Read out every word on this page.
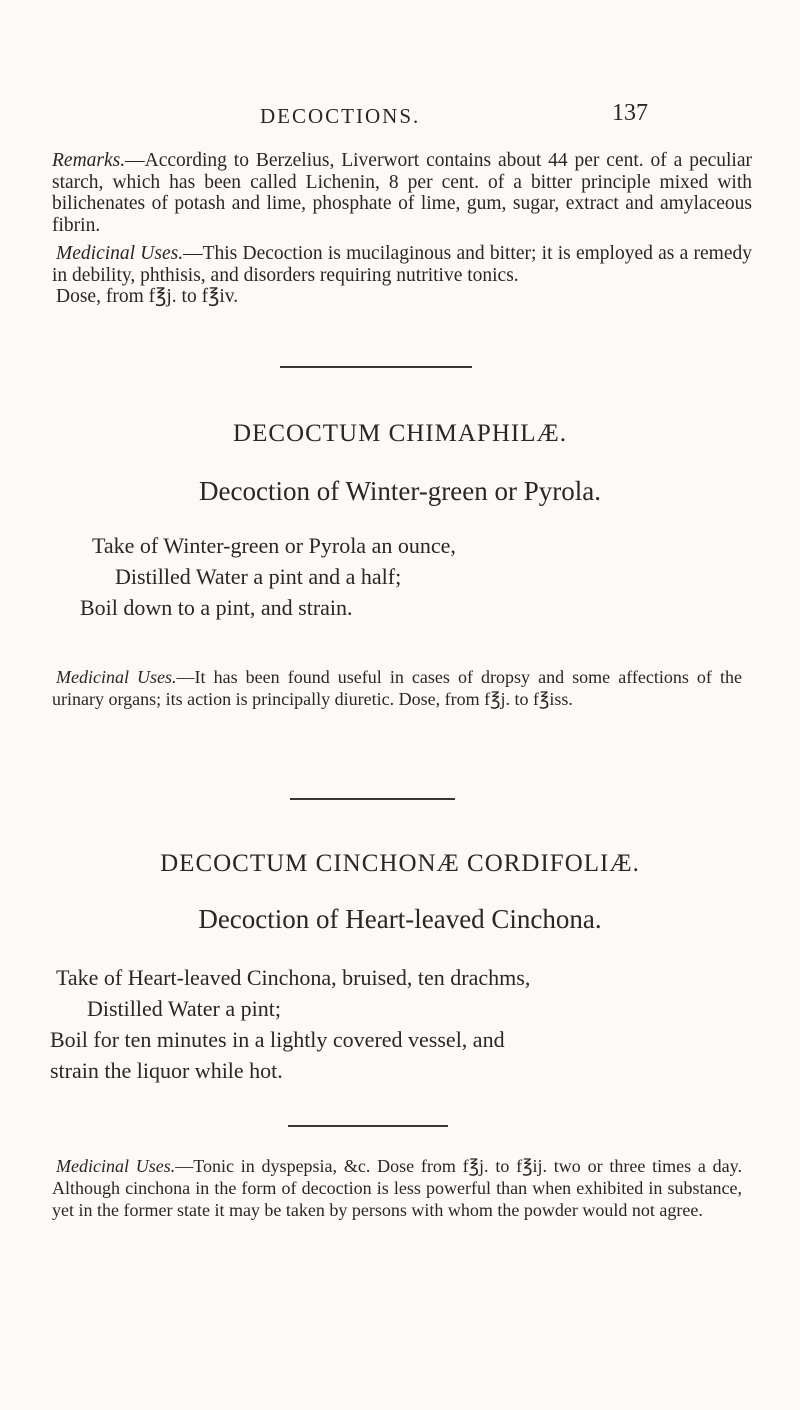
DECOCTIONS.	137

Remarks.—According to Berzelius, Liverwort contains about 44 per cent. of a peculiar starch, which has been called Lichenin, 8 per cent. of a bitter principle mixed with bilichenates of potash and lime, phosphate of lime, gum, sugar, extract and amylaceous fibrin.

Medicinal Uses.—This Decoction is mucilaginous and bitter; it is employed as a remedy in debility, phthisis, and disorders requiring nutritive tonics.

Dose, from f℥j. to f℥iv.

DECOCTUM CHIMAPHILÆ.
Decoction of Winter-green or Pyrola.
Take of Winter-green or Pyrola an ounce,
Distilled Water a pint and a half;
Boil down to a pint, and strain.

Medicinal Uses.—It has been found useful in cases of dropsy and some affections of the urinary organs; its action is principally diuretic. Dose, from f℥j. to f℥iss.

DECOCTUM CINCHONÆ CORDIFOLIÆ.
Decoction of Heart-leaved Cinchona.
Take of Heart-leaved Cinchona, bruised, ten drachms,
Distilled Water a pint;
Boil for ten minutes in a lightly covered vessel, and
strain the liquor while hot.

Medicinal Uses.—Tonic in dyspepsia, &c. Dose from f℥j. to f℥ij. two or three times a day. Although cinchona in the form of decoction is less powerful than when exhibited in substance, yet in the former state it may be taken by persons with whom the powder would not agree.
